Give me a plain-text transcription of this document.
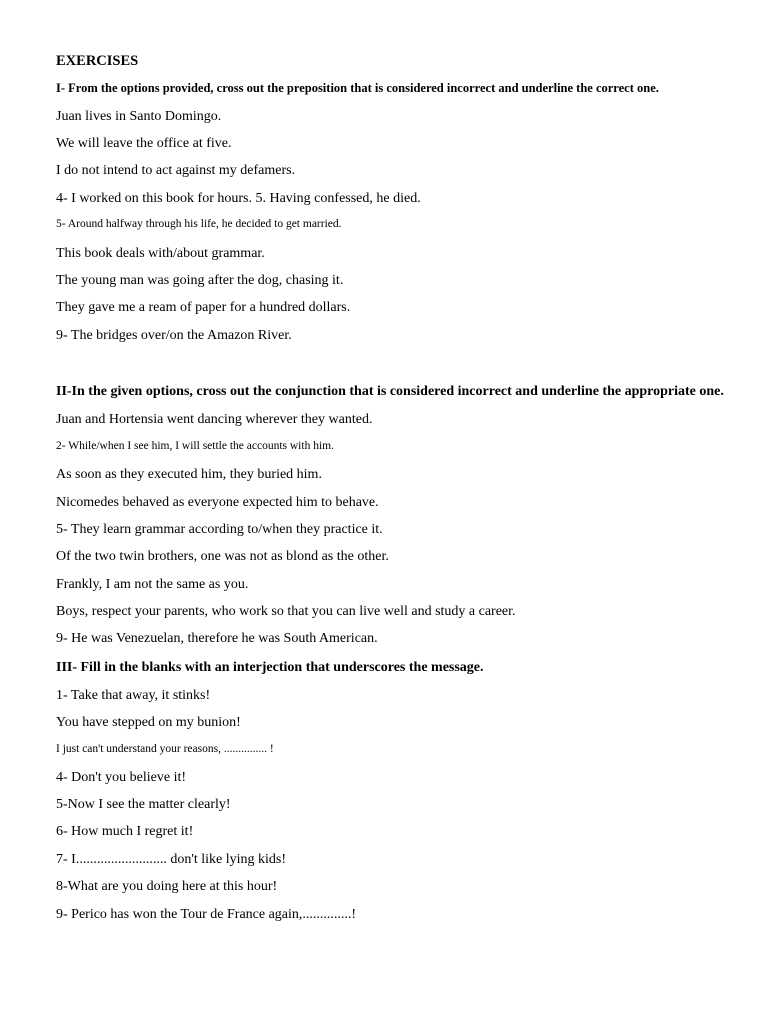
EXERCISES
I- From the options provided, cross out the preposition that is considered incorrect and underline the correct one.
Juan lives in Santo Domingo.
We will leave the office at five.
I do not intend to act against my defamers.
4- I worked on this book for hours. 5. Having confessed, he died.
5- Around halfway through his life, he decided to get married.
This book deals with/about grammar.
The young man was going after the dog, chasing it.
They gave me a ream of paper for a hundred dollars.
9- The bridges over/on the Amazon River.
II-In the given options, cross out the conjunction that is considered incorrect and underline the appropriate one.
Juan and Hortensia went dancing wherever they wanted.
2- While/when I see him, I will settle the accounts with him.
As soon as they executed him, they buried him.
Nicomedes behaved as everyone expected him to behave.
5- They learn grammar according to/when they practice it.
Of the two twin brothers, one was not as blond as the other.
Frankly, I am not the same as you.
Boys, respect your parents, who work so that you can live well and study a career.
9- He was Venezuelan, therefore he was South American.
III- Fill in the blanks with an interjection that underscores the message.
1- Take that away, it stinks!
You have stepped on my bunion!
I just can't understand your reasons, ............... !
4- Don't you believe it!
5-Now I see the matter clearly!
6- How much I regret it!
7- I.......................... don't like lying kids!
8-What are you doing here at this hour!
9- Perico has won the Tour de France again,..............!
